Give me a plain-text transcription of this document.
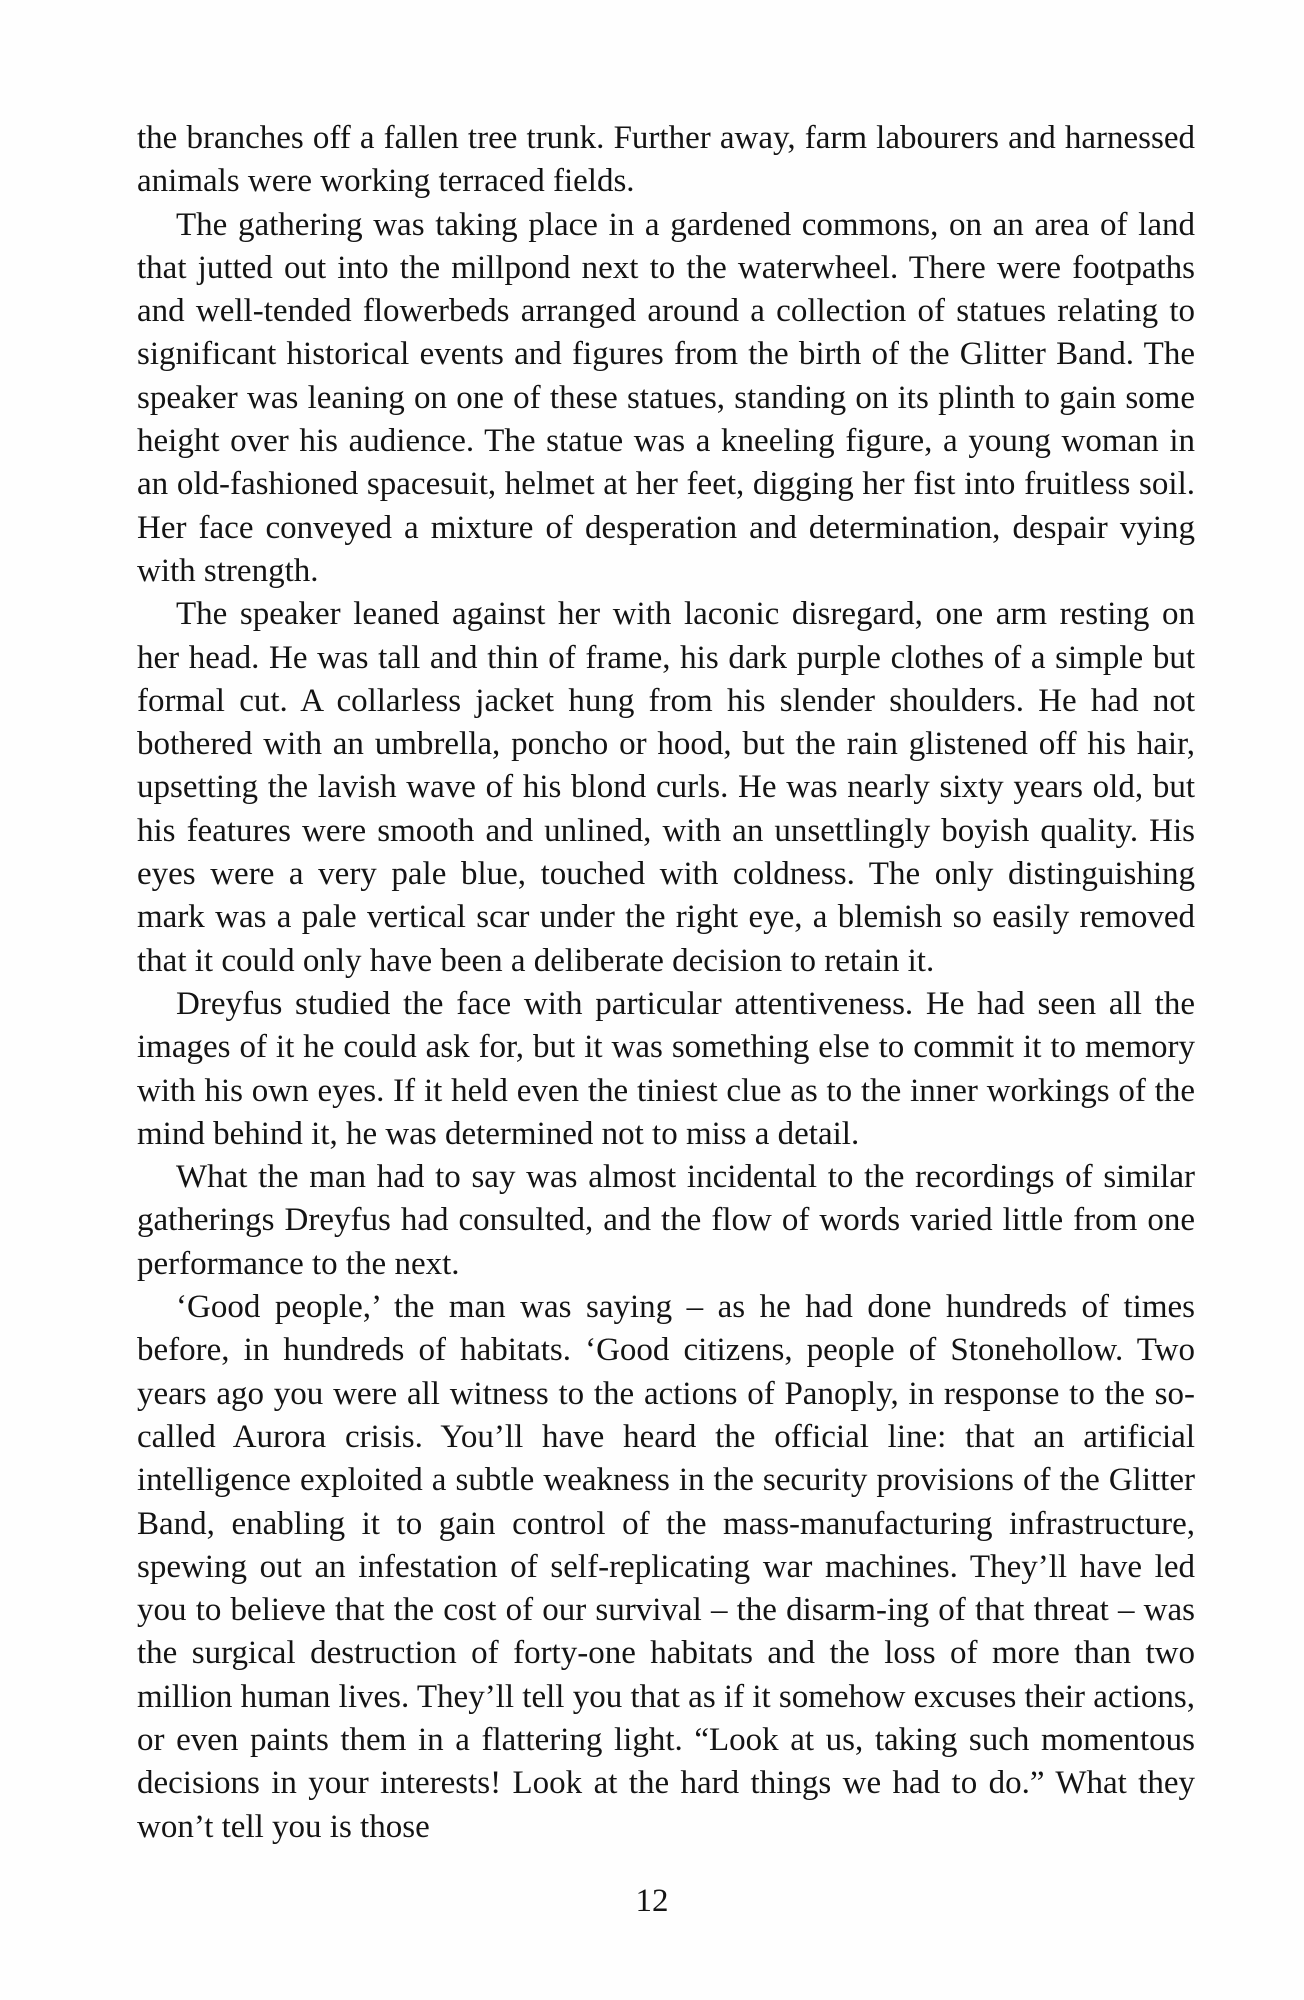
the branches off a fallen tree trunk. Further away, farm labourers and harnessed animals were working terraced fields.

The gathering was taking place in a gardened commons, on an area of land that jutted out into the millpond next to the waterwheel. There were footpaths and well-tended flowerbeds arranged around a collection of statues relating to significant historical events and figures from the birth of the Glitter Band. The speaker was leaning on one of these statues, standing on its plinth to gain some height over his audience. The statue was a kneeling figure, a young woman in an old-fashioned spacesuit, helmet at her feet, digging her fist into fruitless soil. Her face conveyed a mixture of desperation and determination, despair vying with strength.

The speaker leaned against her with laconic disregard, one arm resting on her head. He was tall and thin of frame, his dark purple clothes of a simple but formal cut. A collarless jacket hung from his slender shoulders. He had not bothered with an umbrella, poncho or hood, but the rain glistened off his hair, upsetting the lavish wave of his blond curls. He was nearly sixty years old, but his features were smooth and unlined, with an unsettlingly boyish quality. His eyes were a very pale blue, touched with coldness. The only distinguishing mark was a pale vertical scar under the right eye, a blemish so easily removed that it could only have been a deliberate decision to retain it.

Dreyfus studied the face with particular attentiveness. He had seen all the images of it he could ask for, but it was something else to commit it to memory with his own eyes. If it held even the tiniest clue as to the inner workings of the mind behind it, he was determined not to miss a detail.

What the man had to say was almost incidental to the recordings of similar gatherings Dreyfus had consulted, and the flow of words varied little from one performance to the next.

‘Good people,’ the man was saying – as he had done hundreds of times before, in hundreds of habitats. ‘Good citizens, people of Stonehollow. Two years ago you were all witness to the actions of Panoply, in response to the so-called Aurora crisis. You’ll have heard the official line: that an artificial intelligence exploited a subtle weakness in the security provisions of the Glitter Band, enabling it to gain control of the mass-manufacturing infrastructure, spewing out an infestation of self-replicating war machines. They’ll have led you to believe that the cost of our survival – the disarm-ing of that threat – was the surgical destruction of forty-one habitats and the loss of more than two million human lives. They’ll tell you that as if it somehow excuses their actions, or even paints them in a flattering light. “Look at us, taking such momentous decisions in your interests! Look at the hard things we had to do.” What they won’t tell you is those

12
